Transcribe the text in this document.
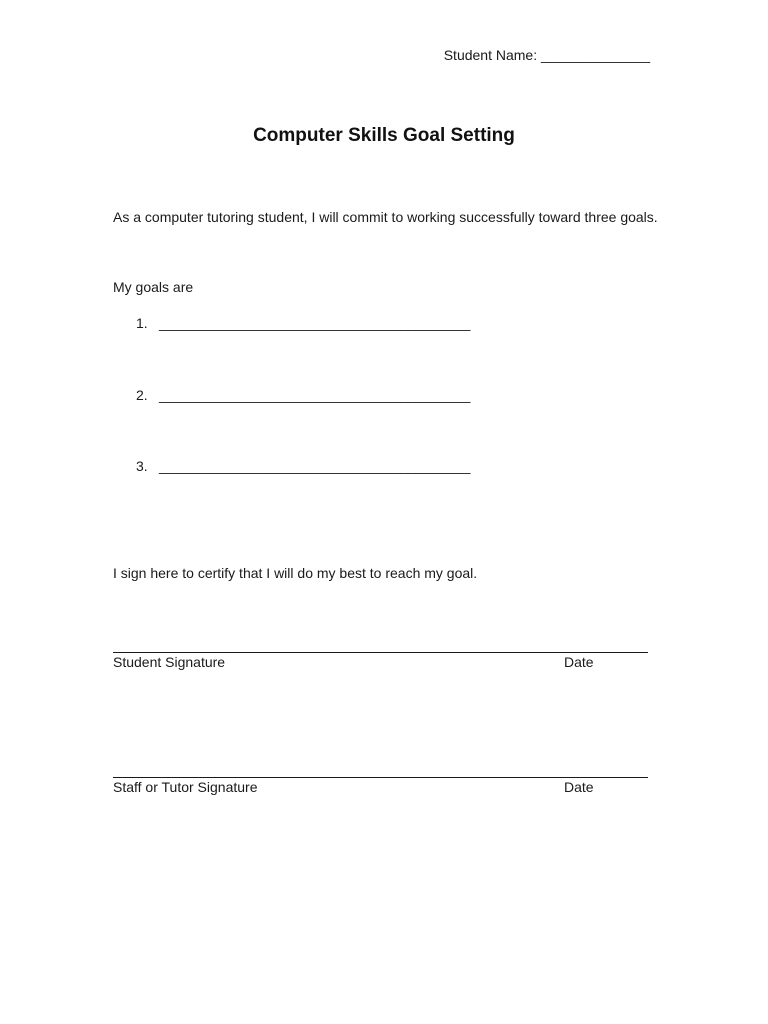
Student Name: ______________
Computer Skills Goal Setting
As a computer tutoring student, I will commit to working successfully toward three goals.
My goals are
1. ________________________________________
2. ________________________________________
3. ________________________________________
I sign here to certify that I will do my best to reach my goal.
Student Signature	Date
Staff or Tutor Signature	Date
